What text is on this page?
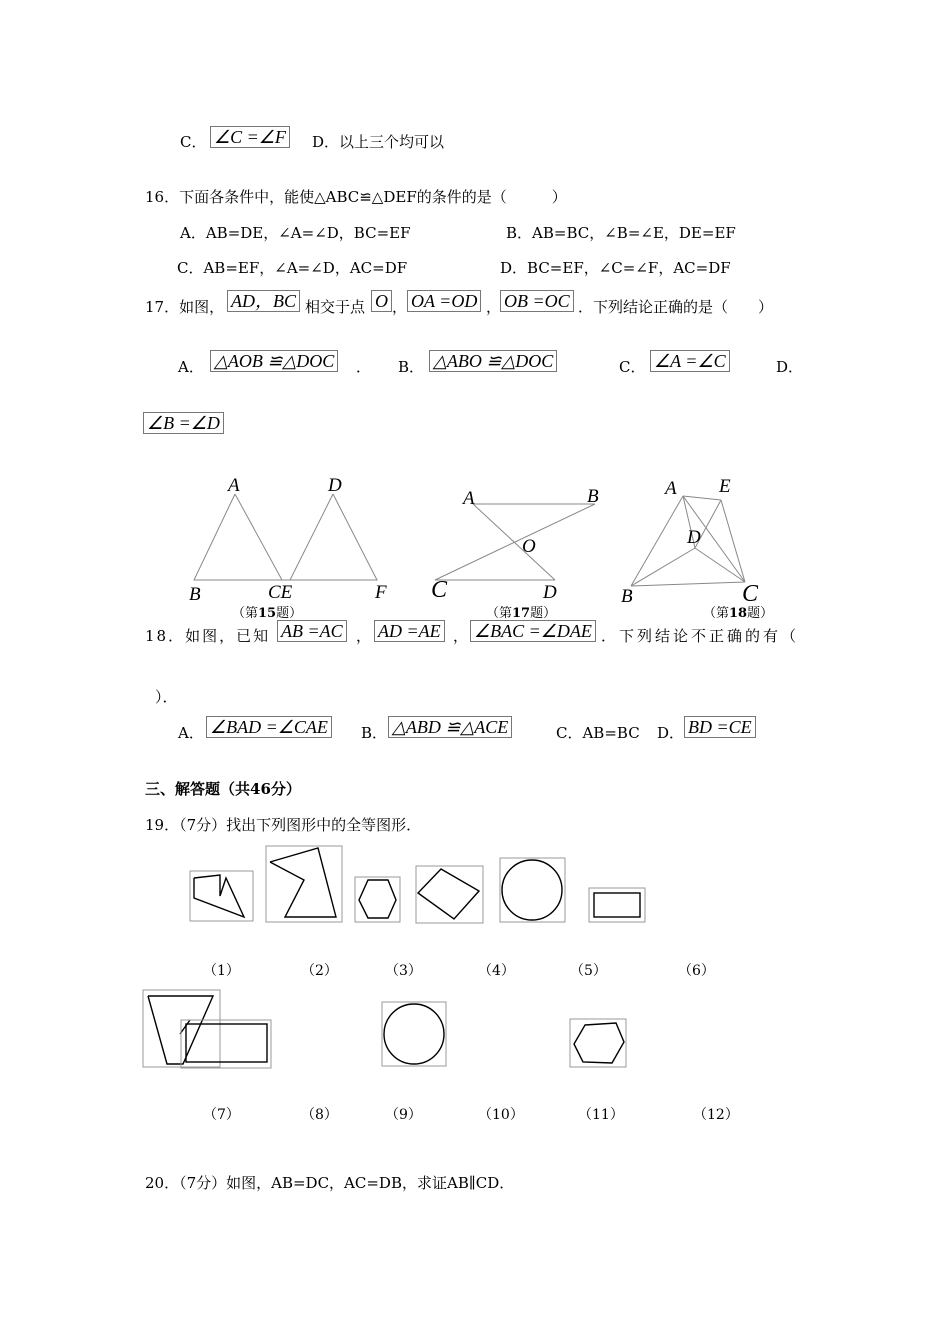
C． ∠C =∠F D．以上三个均可以
16．下面各条件中，能使△ABC≌△DEF的条件的是（　　　）
A．AB=DE，∠A=∠D，BC=EF	B．AB=BC，∠B=∠E，DE=EF
C．AB=EF，∠A=∠D，AC=DF	D．BC=EF，∠C=∠F，AC=DF
17．如图， AD，BC 相交于点 O ， OA =OD ， OB =OC ．下列结论正确的是（　　）
A． △AOB ≌△DOC ． B． △ABO ≌△DOC	C． ∠A =∠C	D．
∠B =∠D
A	D
B	CE	F
（第15题）
A	B
O
C	D
（第17题）
A E
D
B	C
（第18题）
18．如图，已知 AB =AC ， AD =AE ， ∠BAC =∠DAE ．下列结论不正确的有（
）．
A． ∠BAD =∠CAE B． △ABD ≌△ACE	C．AB=BC D． BD =CE
三、解答题（共46分）
19．（7分）找出下列图形中的全等图形．
（1）	（2）	（3）	（4）	（5）	（6）
（7）	（8）	（9）	（10）	（11）	（12）
20．（7分）如图，AB=DC，AC=DB，求证AB∥CD．
